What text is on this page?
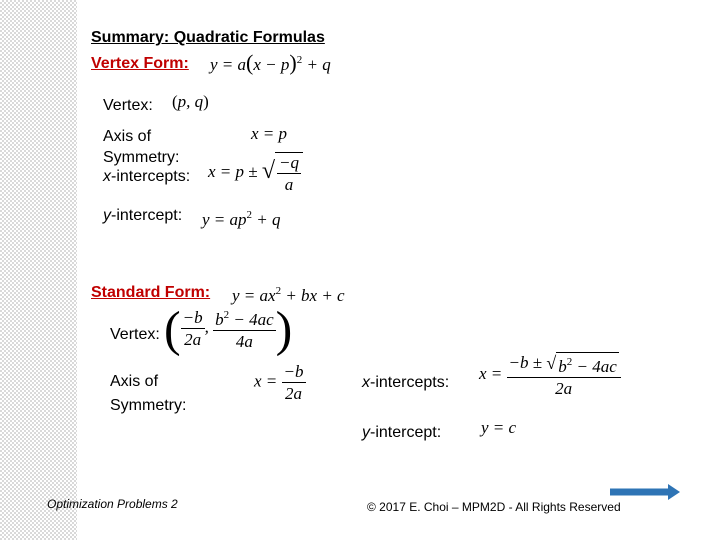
Summary: Quadratic Formulas
Vertex Form: $y = a(x - p)^2 + q$
Vertex: (p, q)
Axis of
Symmetry:
x = p
x-intercepts: x = p ± √ $\frac{-q}{a}$
y-intercept: $y = ap^2 + q$
Standard Form: $y = ax^2$ + bx + c
Vertex: ( $\frac{-b}{2a}$ , $\frac{b^2 - 4ac}{4a}$ )
Axis of
Symmetry:
$x = \frac{-b}{2a}$	x-intercepts: $x = \frac{-b \pm √ b^2 - 4ac}{2a}$
y-intercept: y = c
Optimization Problems 2	© 2017 E. Choi – MPM2D - All Rights Reserved
